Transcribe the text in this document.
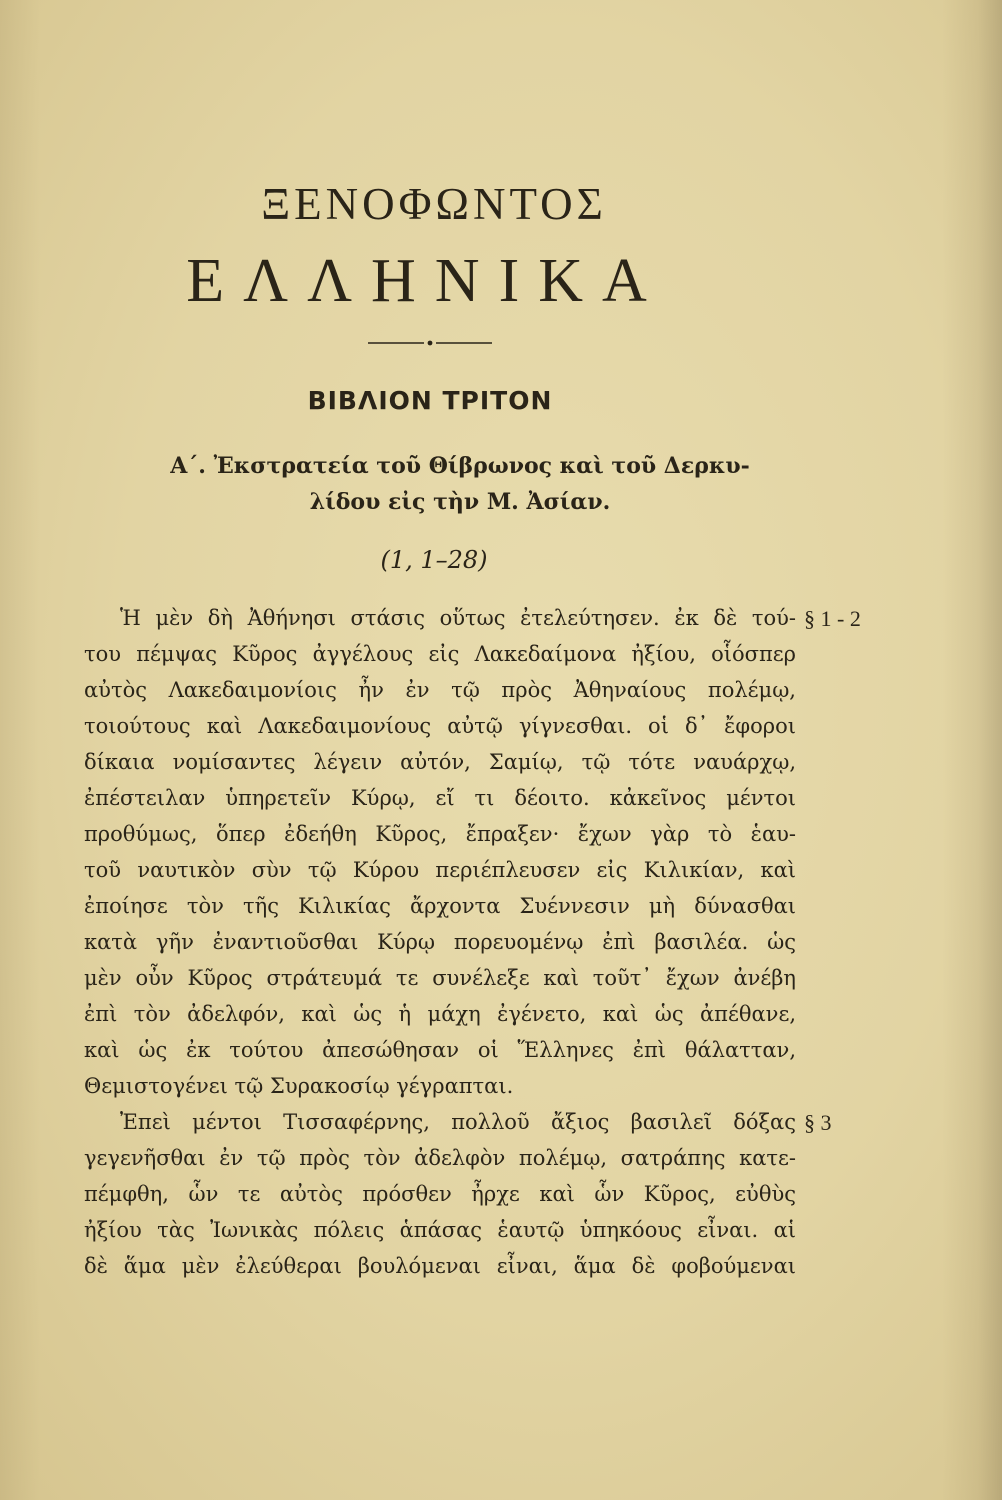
ΞΕΝΟΦΩΝΤΟΣ
ΕΛΛΗΝΙΚΑ
ΒΙΒΛΙΟΝ ΤΡΙΤΟΝ
Α΄. Ἐκστρατεία τοῦ Θίβρωνος καὶ τοῦ Δερκυ-
λίδου εἰς τὴν Μ. Ἀσίαν.
(1, 1–28)
Ἡ μὲν δὴ Ἀθήνησι στάσις οὕτως ἐτελεύτησεν. ἐκ δὲ τού-
του πέμψας Κῦρος ἀγγέλους εἰς Λακεδαίμονα ἠξίου, οἷόσπερ
αὐτὸς Λακεδαιμονίοις ἦν ἐν τῷ πρὸς Ἀθηναίους πολέμῳ,
τοιούτους καὶ Λακεδαιμονίους αὐτῷ γίγνεσθαι. οἱ δ᾽ ἔφοροι
δίκαια νομίσαντες λέγειν αὐτόν, Σαμίῳ, τῷ τότε ναυάρχῳ,
ἐπέστειλαν ὑπηρετεῖν Κύρῳ, εἴ τι δέοιτο. κἀκεῖνος μέντοι
προθύμως, ὅπερ ἐδεήθη Κῦρος, ἔπραξεν· ἔχων γὰρ τὸ ἑαυ-
τοῦ ναυτικὸν σὺν τῷ Κύρου περιέπλευσεν εἰς Κιλικίαν, καὶ
ἐποίησε τὸν τῆς Κιλικίας ἄρχοντα Συέννεσιν μὴ δύνασθαι
κατὰ γῆν ἐναντιοῦσθαι Κύρῳ πορευομένῳ ἐπὶ βασιλέα. ὡς
μὲν οὖν Κῦρος στράτευμά τε συνέλεξε καὶ τοῦτ᾽ ἔχων ἀνέβη
ἐπὶ τὸν ἀδελφόν, καὶ ὡς ἡ μάχη ἐγένετο, καὶ ὡς ἀπέθανε,
καὶ ὡς ἐκ τούτου ἀπεσώθησαν οἱ Ἕλληνες ἐπὶ θάλατταν,
Θεμιστογένει τῷ Συρακοσίῳ γέγραπται.
Ἐπεὶ μέντοι Τισσαφέρνης, πολλοῦ ἄξιος βασιλεῖ δόξας
γεγενῆσθαι ἐν τῷ πρὸς τὸν ἀδελφὸν πολέμῳ, σατράπης κατε-
πέμφθη, ὧν τε αὐτὸς πρόσθεν ἦρχε καὶ ὧν Κῦρος, εὐθὺς
ἠξίου τὰς Ἰωνικὰς πόλεις ἁπάσας ἑαυτῷ ὑπηκόους εἶναι. αἱ
δὲ ἅμα μὲν ἐλεύθεραι βουλόμεναι εἶναι, ἅμα δὲ φοβούμεναι
§ 1 - 2
§ 3
